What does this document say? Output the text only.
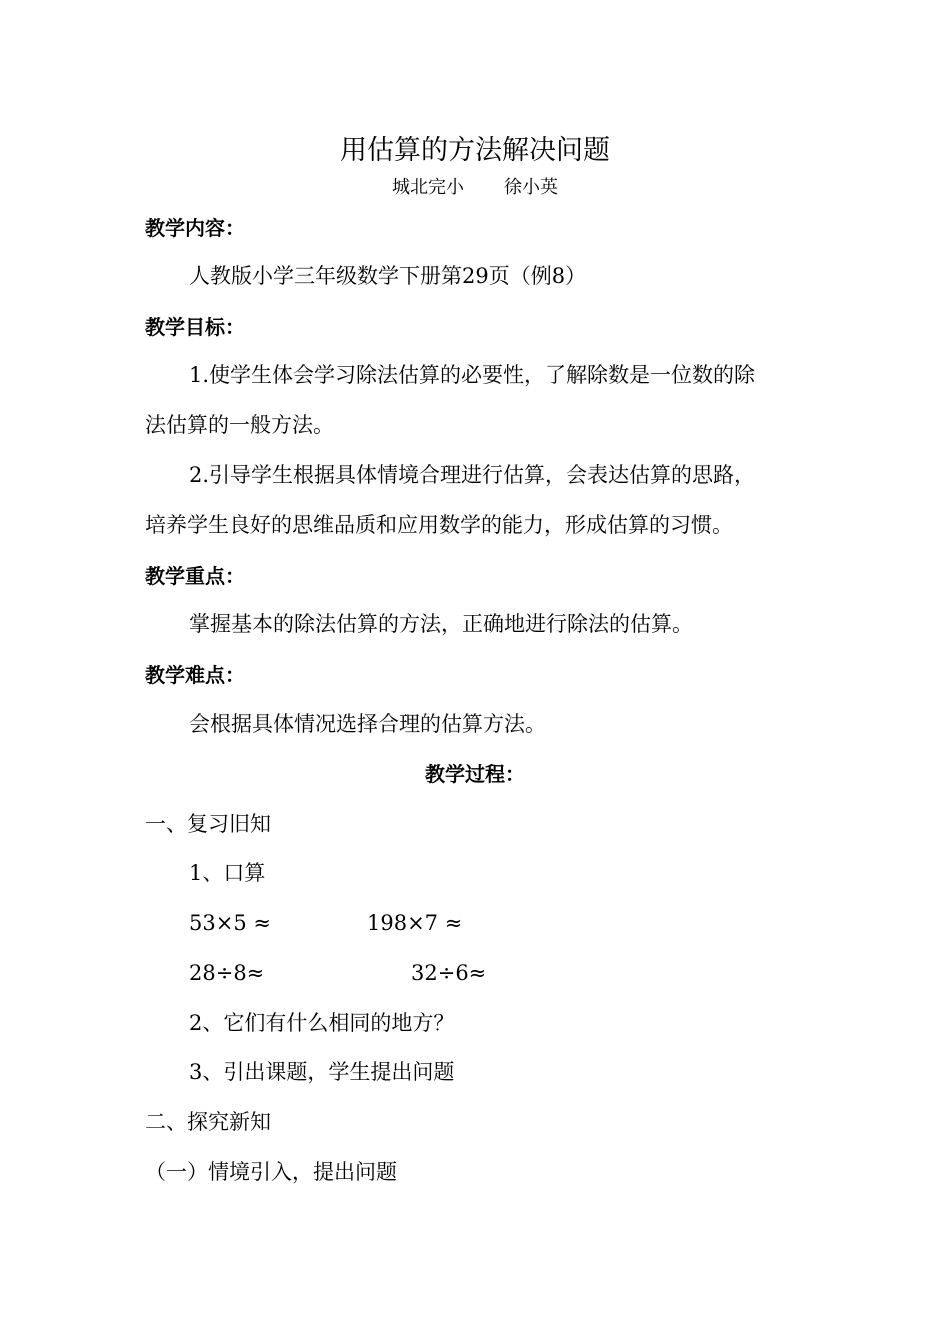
用估算的方法解决问题
城北完小 徐小英
教学内容：
人教版小学三年级数学下册第29页（例8）
教学目标：
1.使学生体会学习除法估算的必要性，了解除数是一位数的除
法估算的一般方法。
2.引导学生根据具体情境合理进行估算，会表达估算的思路，
培养学生良好的思维品质和应用数学的能力，形成估算的习惯。
教学重点：
掌握基本的除法估算的方法，正确地进行除法的估算。
教学难点：
会根据具体情况选择合理的估算方法。
教学过程：
一、复习旧知
1、口算
53×5 ≈	198×7 ≈
28÷8≈	32÷6≈
2、它们有什么相同的地方？
3、引出课题，学生提出问题
二、探究新知
（一）情境引入，提出问题
